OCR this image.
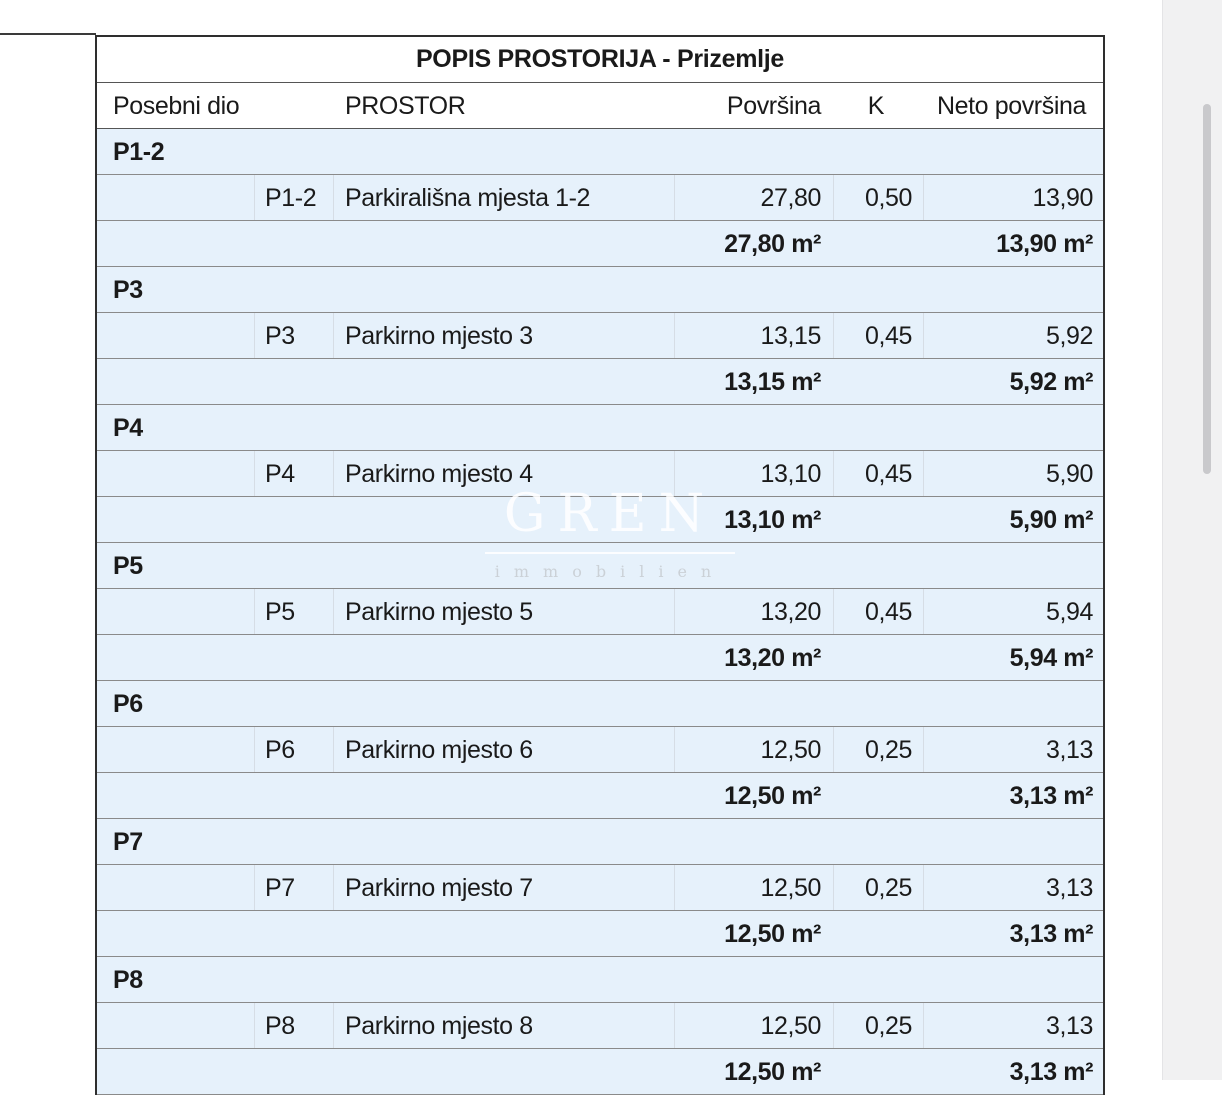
POPIS PROSTORIJA - Prizemlje
Posebni dio	PROSTOR	Površina K Neto površina
P1-2
P1-2 Parkirališna mjesta 1-2	27,80 0,50	13,90
27,80 m²	13,90 m²
P3
P3 Parkirno mjesto 3	13,15 0,45	5,92
13,15 m²	5,92 m²
P4
P4 Parkirno mjesto 4	13,10 0,45	5,90
13,10 m²	5,90 m²
P5
P5 Parkirno mjesto 5	13,20 0,45	5,94
13,20 m²	5,94 m²
P6
P6 Parkirno mjesto 6	12,50 0,25	3,13
12,50 m²	3,13 m²
P7
P7 Parkirno mjesto 7	12,50 0,25	3,13
12,50 m²	3,13 m²
P8
P8 Parkirno mjesto 8	12,50 0,25	3,13
12,50 m²	3,13 m²
GREN
immobilien
